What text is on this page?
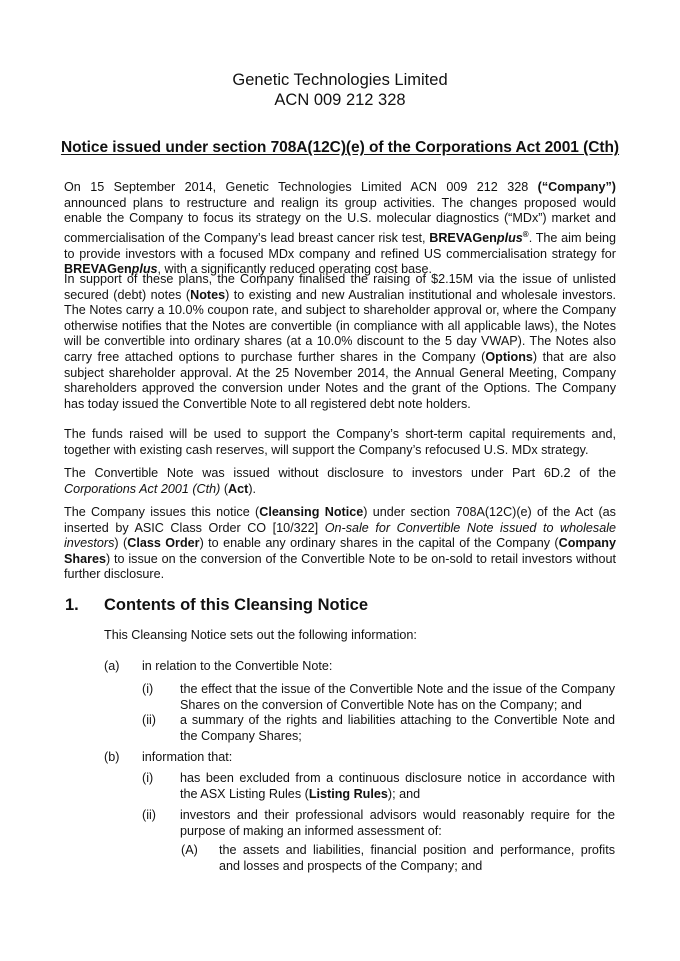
Genetic Technologies Limited
ACN 009 212 328
Notice issued under section 708A(12C)(e) of the Corporations Act 2001 (Cth)
On 15 September 2014, Genetic Technologies Limited ACN 009 212 328 (“Company”) announced plans to restructure and realign its group activities. The changes proposed would enable the Company to focus its strategy on the U.S. molecular diagnostics (“MDx”) market and commercialisation of the Company’s lead breast cancer risk test, BREVAGenplus®. The aim being to provide investors with a focused MDx company and refined US commercialisation strategy for BREVAGenplus, with a significantly reduced operating cost base.
In support of these plans, the Company finalised the raising of $2.15M via the issue of unlisted secured (debt) notes (Notes) to existing and new Australian institutional and wholesale investors. The Notes carry a 10.0% coupon rate, and subject to shareholder approval or, where the Company otherwise notifies that the Notes are convertible (in compliance with all applicable laws), the Notes will be convertible into ordinary shares (at a 10.0% discount to the 5 day VWAP). The Notes also carry free attached options to purchase further shares in the Company (Options) that are also subject shareholder approval. At the 25 November 2014, the Annual General Meeting, Company shareholders approved the conversion under Notes and the grant of the Options. The Company has today issued the Convertible Note to all registered debt note holders.
The funds raised will be used to support the Company’s short-term capital requirements and, together with existing cash reserves, will support the Company’s refocused U.S. MDx strategy.
The Convertible Note was issued without disclosure to investors under Part 6D.2 of the Corporations Act 2001 (Cth) (Act).
The Company issues this notice (Cleansing Notice) under section 708A(12C)(e) of the Act (as inserted by ASIC Class Order CO [10/322] On-sale for Convertible Note issued to wholesale investors) (Class Order) to enable any ordinary shares in the capital of the Company (Company Shares) to issue on the conversion of the Convertible Note to be on-sold to retail investors without further disclosure.
1. Contents of this Cleansing Notice
This Cleansing Notice sets out the following information:
(a) in relation to the Convertible Note:
(i) the effect that the issue of the Convertible Note and the issue of the Company Shares on the conversion of Convertible Note has on the Company; and
(ii) a summary of the rights and liabilities attaching to the Convertible Note and the Company Shares;
(b) information that:
(i) has been excluded from a continuous disclosure notice in accordance with the ASX Listing Rules (Listing Rules); and
(ii) investors and their professional advisors would reasonably require for the purpose of making an informed assessment of:
(A) the assets and liabilities, financial position and performance, profits and losses and prospects of the Company; and
